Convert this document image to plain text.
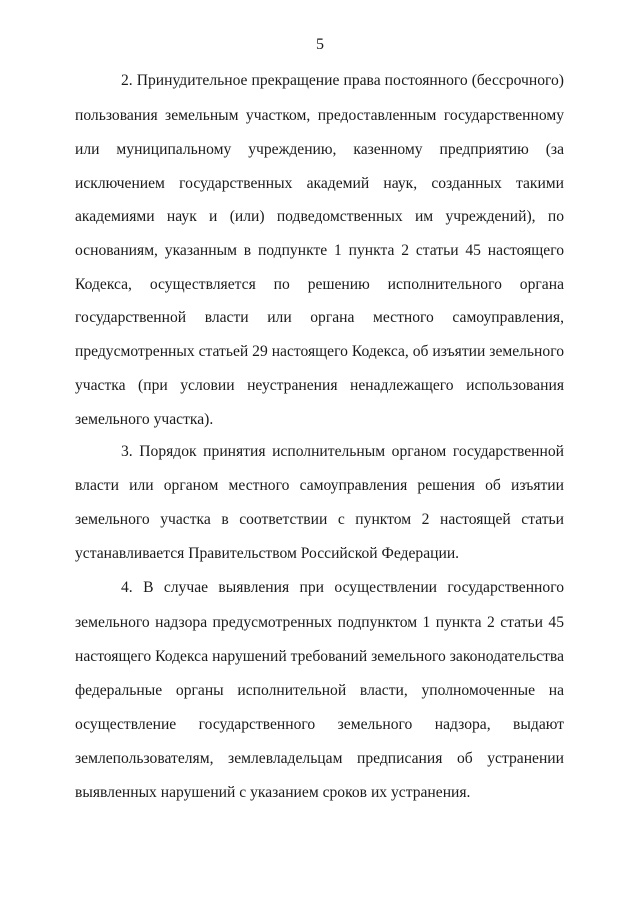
5
2. Принудительное прекращение права постоянного (бессрочного)
пользования земельным участком, предоставленным государственному
или муниципальному учреждению, казенному предприятию (за
исключением государственных академий наук, созданных такими
академиями наук и (или) подведомственных им учреждений), по
основаниям, указанным в подпункте 1 пункта 2 статьи 45 настоящего
Кодекса, осуществляется по решению исполнительного органа
государственной власти или органа местного самоуправления,
предусмотренных статьей 29 настоящего Кодекса, об изъятии земельного
участка (при условии неустранения ненадлежащего использования
земельного участка).
3. Порядок принятия исполнительным органом государственной
власти или органом местного самоуправления решения об изъятии
земельного участка в соответствии с пунктом 2 настоящей статьи
устанавливается Правительством Российской Федерации.
4. В случае выявления при осуществлении государственного
земельного надзора предусмотренных подпунктом 1 пункта 2 статьи 45
настоящего Кодекса нарушений требований земельного законодательства
федеральные органы исполнительной власти, уполномоченные на
осуществление государственного земельного надзора, выдают
землепользователям, землевладельцам предписания об устранении
выявленных нарушений с указанием сроков их устранения.
